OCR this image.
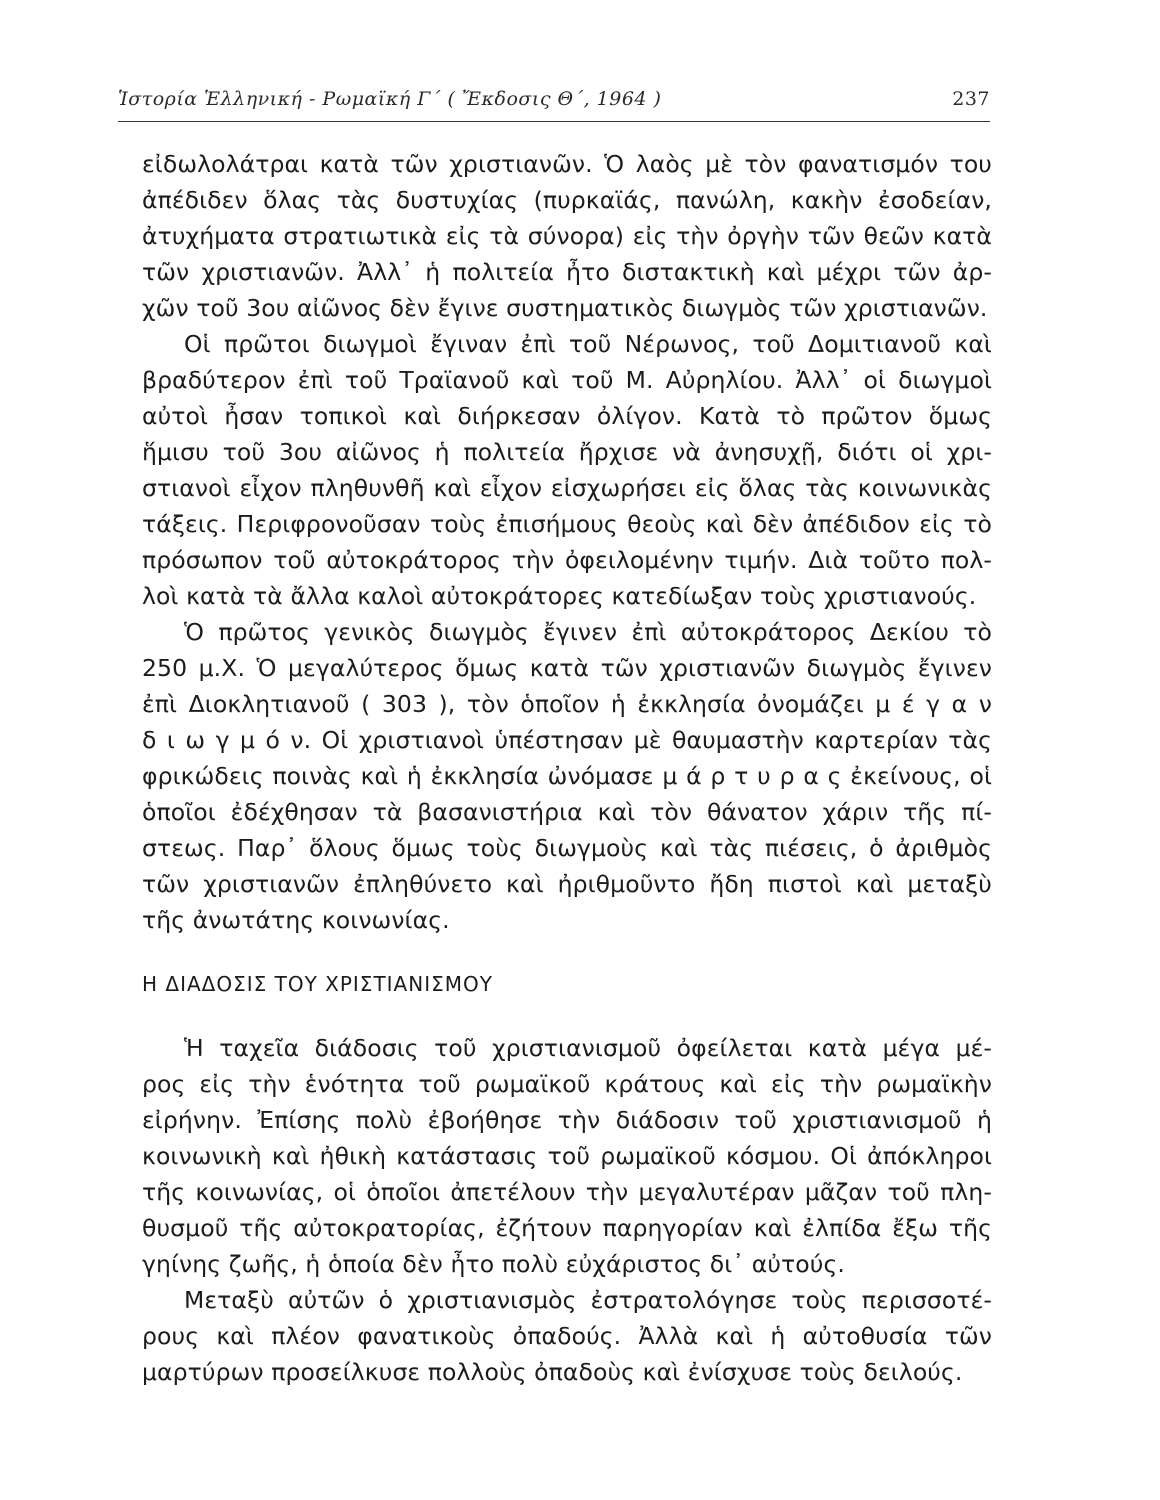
Ἱστορία Ἑλληνική - Ρωμαϊκή Γ΄ ( Ἔκδοσις Θ΄, 1964 )	237
εἰδωλολάτραι κατὰ τῶν χριστιανῶν. Ὁ λαὸς μὲ τὸν φανατισμόν του
ἀπέδιδεν ὅλας τὰς δυστυχίας (πυρκαϊάς, πανώλη, κακὴν ἐσοδείαν,
ἀτυχήματα στρατιωτικὰ εἰς τὰ σύνορα) εἰς τὴν ὀργὴν τῶν θεῶν κατὰ
τῶν χριστιανῶν. Ἀλλ᾽ ἡ πολιτεία ἦτο διστακτικὴ καὶ μέχρι τῶν ἀρ-
χῶν τοῦ 3ου αἰῶνος δὲν ἔγινε συστηματικὸς διωγμὸς τῶν χριστιανῶν.
Οἱ πρῶτοι διωγμοὶ ἔγιναν ἐπὶ τοῦ Νέρωνος, τοῦ Δομιτιανοῦ καὶ
βραδύτερον ἐπὶ τοῦ Τραϊανοῦ καὶ τοῦ Μ. Αὐρηλίου. Ἀλλ᾽ οἱ διωγμοὶ
αὐτοὶ ἦσαν τοπικοὶ καὶ διήρκεσαν ὀλίγον. Κατὰ τὸ πρῶτον ὅμως
ἥμισυ τοῦ 3ου αἰῶνος ἡ πολιτεία ἤρχισε νὰ ἀνησυχῇ, διότι οἱ χρι-
στιανοὶ εἶχον πληθυνθῆ καὶ εἶχον εἰσχωρήσει εἰς ὅλας τὰς κοινωνικὰς
τάξεις. Περιφρονοῦσαν τοὺς ἐπισήμους θεοὺς καὶ δὲν ἀπέδιδον εἰς τὸ
πρόσωπον τοῦ αὐτοκράτορος τὴν ὀφειλομένην τιμήν. Διὰ τοῦτο πολ-
λοὶ κατὰ τὰ ἄλλα καλοὶ αὐτοκράτορες κατεδίωξαν τοὺς χριστιανούς.
Ὁ πρῶτος γενικὸς διωγμὸς ἔγινεν ἐπὶ αὐτοκράτορος Δεκίου τὸ
250 μ.Χ. Ὁ μεγαλύτερος ὅμως κατὰ τῶν χριστιανῶν διωγμὸς ἔγινεν
ἐπὶ Διοκλητιανοῦ ( 303 ), τὸν ὁποῖον ἡ ἐκκλησία ὀνομάζει μ έ γ α ν
δ ι ω γ μ ό ν. Οἱ χριστιανοὶ ὑπέστησαν μὲ θαυμαστὴν καρτερίαν τὰς
φρικώδεις ποινὰς καὶ ἡ ἐκκλησία ὠνόμασε μ ά ρ τ υ ρ α ς ἐκείνους, οἱ
ὁποῖοι ἐδέχθησαν τὰ βασανιστήρια καὶ τὸν θάνατον χάριν τῆς πί-
στεως. Παρ᾽ ὅλους ὅμως τοὺς διωγμοὺς καὶ τὰς πιέσεις, ὁ ἀριθμὸς
τῶν χριστιανῶν ἐπληθύνετο καὶ ἠριθμοῦντο ἤδη πιστοὶ καὶ μεταξὺ
τῆς ἀνωτάτης κοινωνίας.
Η ΔΙΑΔΟΣΙΣ ΤΟΥ ΧΡΙΣΤΙΑΝΙΣΜΟΥ
Ἡ ταχεῖα διάδοσις τοῦ χριστιανισμοῦ ὀφείλεται κατὰ μέγα μέ-
ρος εἰς τὴν ἑνότητα τοῦ ρωμαϊκοῦ κράτους καὶ εἰς τὴν ρωμαϊκὴν
εἰρήνην. Ἐπίσης πολὺ ἐβοήθησε τὴν διάδοσιν τοῦ χριστιανισμοῦ ἡ
κοινωνικὴ καὶ ἠθικὴ κατάστασις τοῦ ρωμαϊκοῦ κόσμου. Οἱ ἀπόκληροι
τῆς κοινωνίας, οἱ ὁποῖοι ἀπετέλουν τὴν μεγαλυτέραν μᾶζαν τοῦ πλη-
θυσμοῦ τῆς αὐτοκρατορίας, ἐζήτουν παρηγορίαν καὶ ἐλπίδα ἔξω τῆς
γηίνης ζωῆς, ἡ ὁποία δὲν ἦτο πολὺ εὐχάριστος δι᾽ αὐτούς.
Μεταξὺ αὐτῶν ὁ χριστιανισμὸς ἐστρατολόγησε τοὺς περισσοτέ-
ρους καὶ πλέον φανατικοὺς ὀπαδούς. Ἀλλὰ καὶ ἡ αὐτοθυσία τῶν
μαρτύρων προσείλκυσε πολλοὺς ὀπαδοὺς καὶ ἐνίσχυσε τοὺς δειλούς.
